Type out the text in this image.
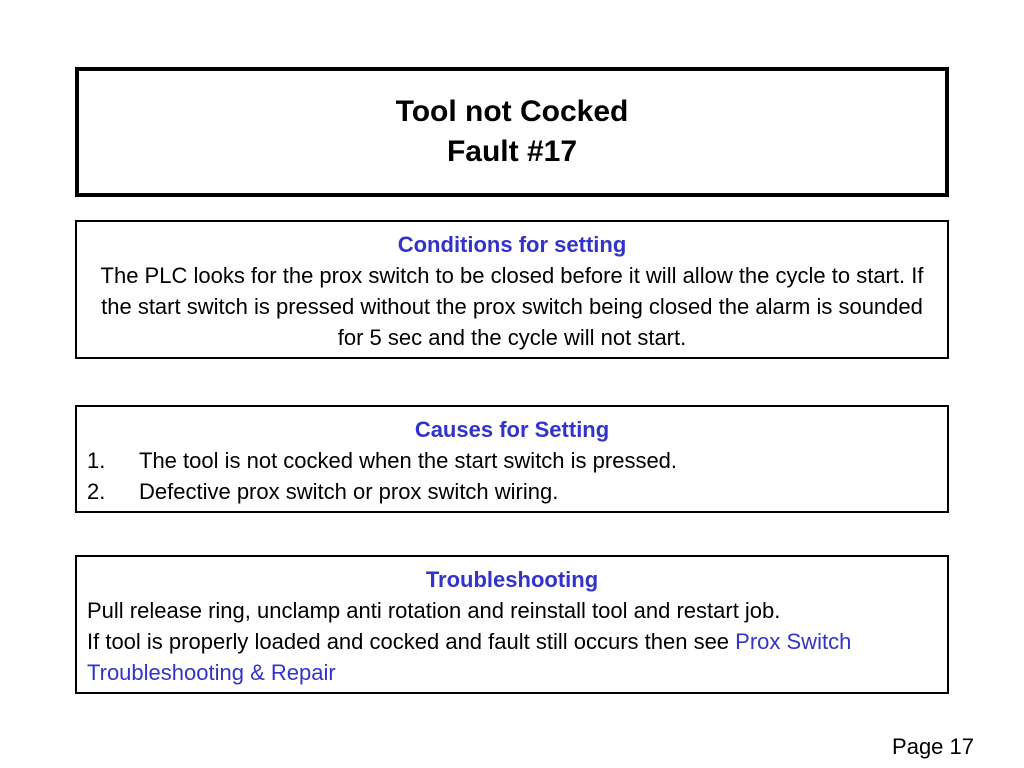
Tool not Cocked
Fault #17
Conditions for setting
The PLC looks for the prox switch to be closed before it will allow the cycle to start. If the start switch is pressed without the prox switch being closed the alarm is sounded for 5 sec and the cycle will not start.
Causes for Setting
1.	The tool is not cocked when the start switch is pressed.
2.	Defective prox switch or prox switch wiring.
Troubleshooting
Pull release ring, unclamp anti rotation and reinstall tool and restart job.
If tool is properly loaded and cocked and fault still occurs then see Prox Switch Troubleshooting & Repair
Page 17
